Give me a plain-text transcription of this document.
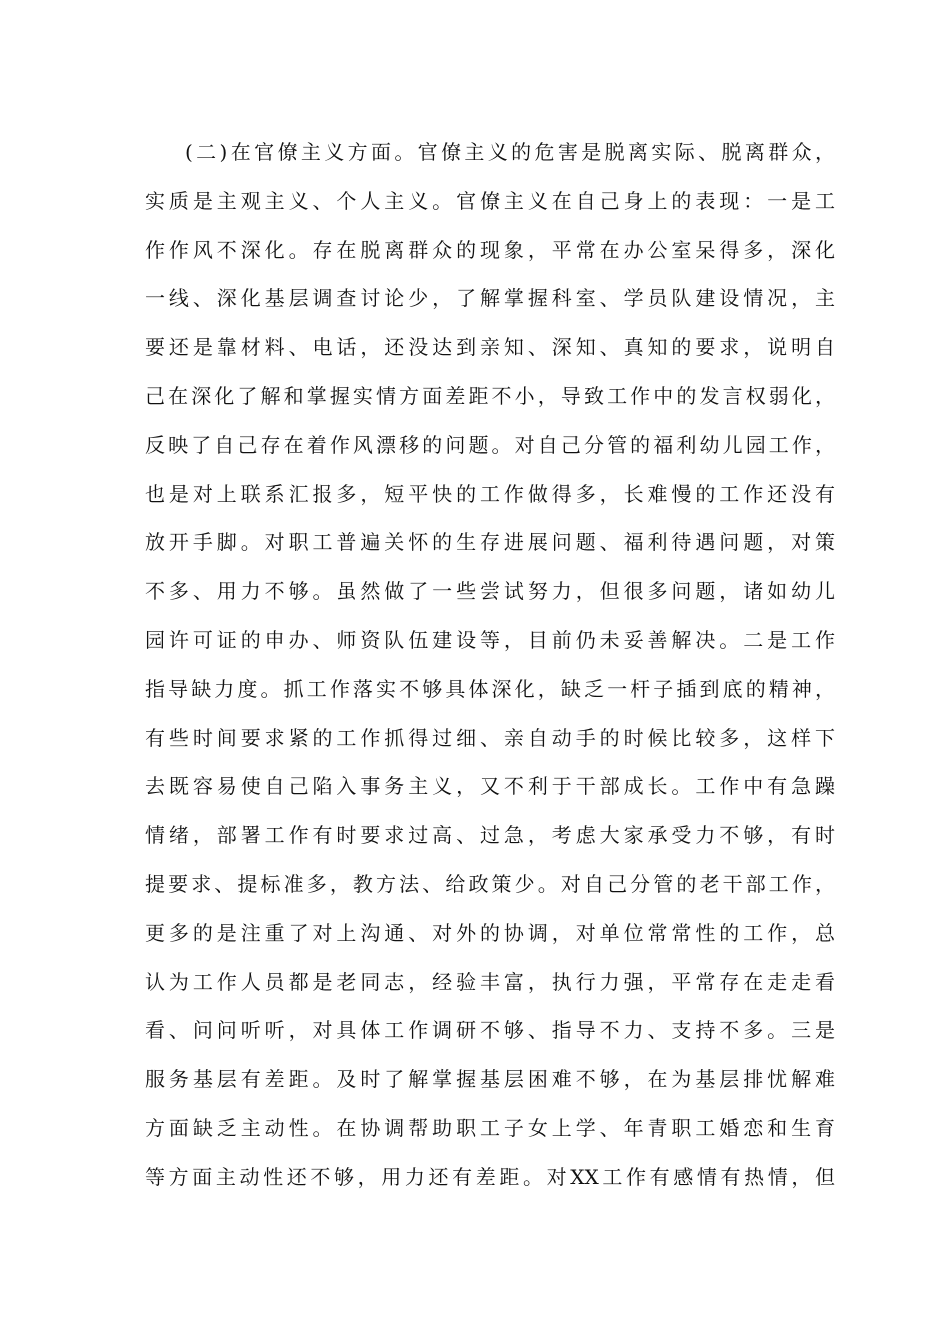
(二)在官僚主义方面。官僚主义的危害是脱离实际、脱离群众，
实质是主观主义、个人主义。官僚主义在自己身上的表现：一是工
作作风不深化。存在脱离群众的现象，平常在办公室呆得多，深化
一线、深化基层调查讨论少，了解掌握科室、学员队建设情况，主
要还是靠材料、电话，还没达到亲知、深知、真知的要求，说明自
己在深化了解和掌握实情方面差距不小，导致工作中的发言权弱化，
反映了自己存在着作风漂移的问题。对自己分管的福利幼儿园工作，
也是对上联系汇报多，短平快的工作做得多，长难慢的工作还没有
放开手脚。对职工普遍关怀的生存进展问题、福利待遇问题，对策
不多、用力不够。虽然做了一些尝试努力，但很多问题，诸如幼儿
园许可证的申办、师资队伍建设等，目前仍未妥善解决。二是工作
指导缺力度。抓工作落实不够具体深化，缺乏一杆子插到底的精神，
有些时间要求紧的工作抓得过细、亲自动手的时候比较多，这样下
去既容易使自己陷入事务主义，又不利于干部成长。工作中有急躁
情绪，部署工作有时要求过高、过急，考虑大家承受力不够，有时
提要求、提标准多，教方法、给政策少。对自己分管的老干部工作，
更多的是注重了对上沟通、对外的协调，对单位常常性的工作，总
认为工作人员都是老同志，经验丰富，执行力强，平常存在走走看
看、问问听听，对具体工作调研不够、指导不力、支持不多。三是
服务基层有差距。及时了解掌握基层困难不够，在为基层排忧解难
方面缺乏主动性。在协调帮助职工子女上学、年青职工婚恋和生育
等方面主动性还不够，用力还有差距。对XX工作有感情有热情，但
